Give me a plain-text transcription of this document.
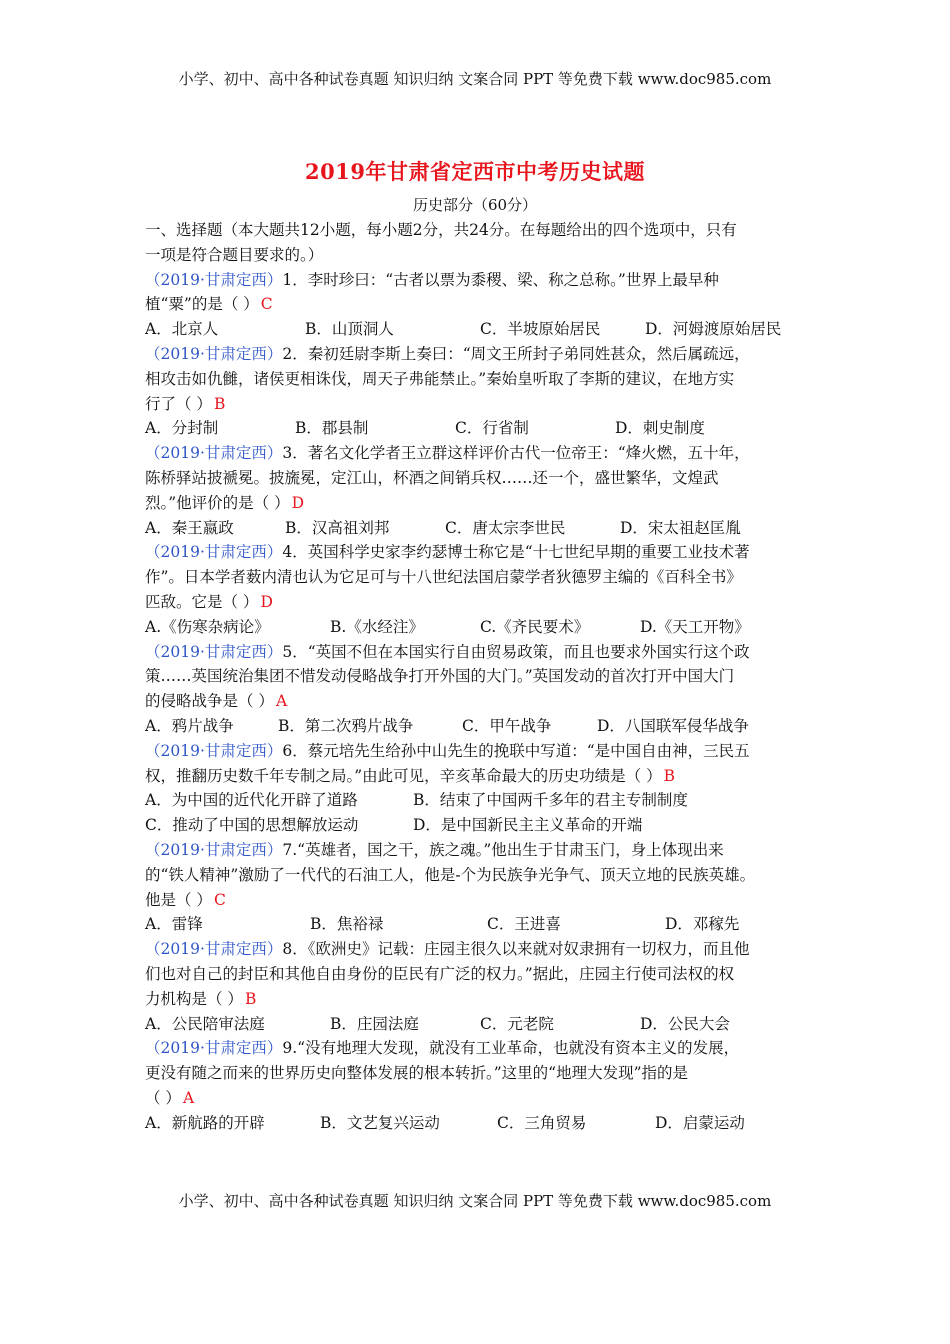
小学、初中、高中各种试卷真题 知识归纳 文案合同 PPT 等免费下载 www.doc985.com
2019年甘肃省定西市中考历史试题
历史部分（60分）
一、选择题（本大题共12小题，每小题2分，共24分。在每题给出的四个选项中，只有
一项是符合题目要求的。）
（2019·甘肃定西）1．李时珍曰：“古者以票为黍稷、梁、称之总称。”世界上最早种
植“粟”的是（ ） C
A．北京人	B．山顶洞人	C．半坡原始居民	D．河姆渡原始居民
（2019·甘肃定西）2．秦初廷尉李斯上奏曰：“周文王所封子弟同姓甚众，然后属疏远，
相攻击如仇雠，诸侯更相诛伐，周天子弗能禁止。”秦始皇听取了李斯的建议，在地方实
行了（ ） B
A．分封制	B．郡县制	C．行省制	D．刺史制度
（2019·甘肃定西）3．著名文化学者王立群这样评价古代一位帝王：“烽火燃，五十年，
陈桥驿站披褫冕。披旒冕，定江山，杯酒之间销兵权……还一个，盛世繁华，文煌武
烈。”他评价的是（ ） D
A．秦王嬴政	B．汉高祖刘邦	C．唐太宗李世民	D．宋太祖赵匡胤
（2019·甘肃定西）4．英国科学史家李约瑟博士称它是“十七世纪早期的重要工业技术著
作”。日本学者薮内清也认为它足可与十八世纪法国启蒙学者狄德罗主编的《百科全书》
匹敌。它是（ ） D
A.《伤寒杂病论》	B.《水经注》	C.《齐民要术》	D.《天工开物》
（2019·甘肃定西）5．“英国不但在本国实行自由贸易政策，而且也要求外国实行这个政
策……英国统治集团不惜发动侵略战争打开外国的大门。”英国发动的首次打开中国大门
的侵略战争是（ ） A
A．鸦片战争	B．第二次鸦片战争	C．甲午战争	D．八国联军侵华战争
（2019·甘肃定西）6．蔡元培先生给孙中山先生的挽联中写道：“是中国自由神，三民五
权，推翻历史数千年专制之局。”由此可见，辛亥革命最大的历史功绩是（ ） B
A．为中国的近代化开辟了道路	B．结束了中国两千多年的君主专制制度
C．推动了中国的思想解放运动	D．是中国新民主主义革命的开端
（2019·甘肃定西）7.“英雄者，国之干，族之魂。”他出生于甘肃玉门，身上体现出来
的“铁人精神”激励了一代代的石油工人，他是-个为民族争光争气、顶天立地的民族英雄。
他是（ ） C
A．雷锋	B．焦裕禄	C．王进喜	D．邓稼先
（2019·甘肃定西）8．《欧洲史》记载：庄园主很久以来就对奴隶拥有一切权力，而且他
们也对自己的封臣和其他自由身份的臣民有广泛的权力。”据此，庄园主行使司法权的权
力机构是（ ） B
A．公民陪审法庭	B．庄园法庭	C．元老院	D．公民大会
（2019·甘肃定西）9.“没有地理大发现，就没有工业革命，也就没有资本主义的发展，
更没有随之而来的世界历史向整体发展的根本转折。”这里的“地理大发现”指的是
（ ） A
A．新航路的开辟	B．文艺复兴运动	C．三角贸易	D．启蒙运动
小学、初中、高中各种试卷真题 知识归纳 文案合同 PPT 等免费下载 www.doc985.com
